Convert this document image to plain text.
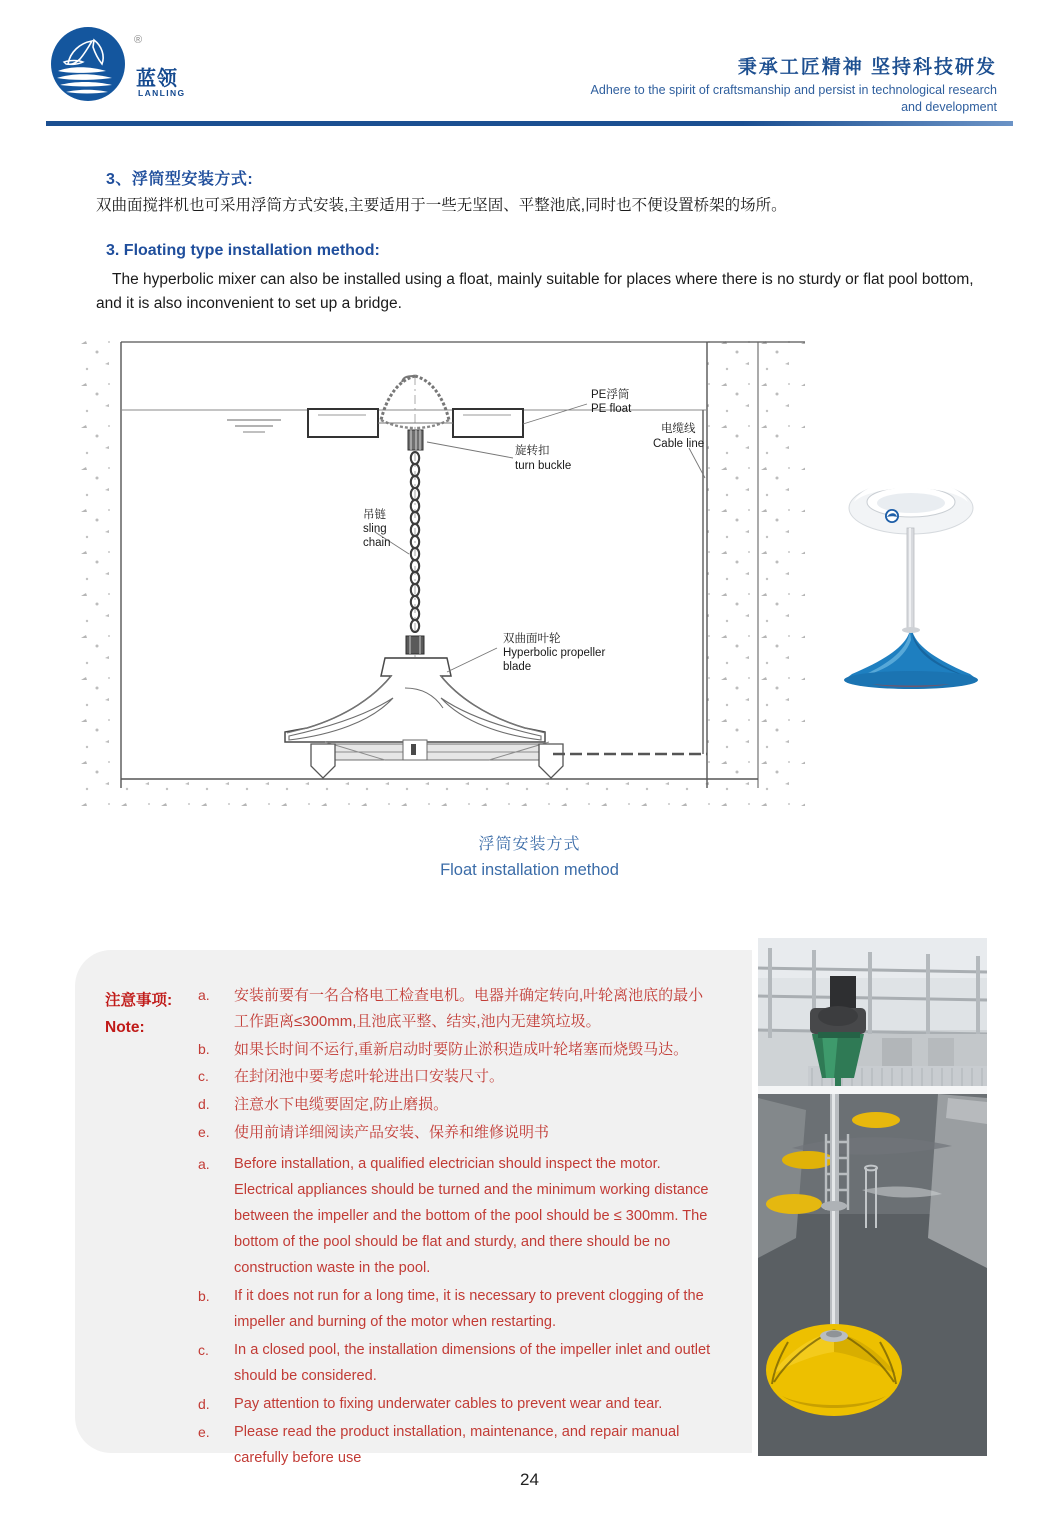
®
蓝领
LANLING
秉承工匠精神 坚持科技研发
Adhere to the spirit of craftsmanship and persist in technological research and development
3、浮筒型安装方式:
双曲面搅拌机也可采用浮筒方式安装,主要适用于一些无坚固、平整池底,同时也不便设置桥架的场所。
3. Floating type installation method:
The hyperbolic mixer can also be installed using a float, mainly suitable for places where there is no sturdy or flat pool bottom, and it is also inconvenient to set up a bridge.
PE浮筒
PE float
旋转扣
turn buckle
电缆线
Cable line
吊链
sling
chain
双曲面叶轮
Hyperbolic propeller
blade
浮筒安装方式
Float installation method
注意事项:
Note:
a.	安装前要有一名合格电工检查电机。电器并确定转向,叶轮离池底的最小工作距离≤300mm,且池底平整、结实,池内无建筑垃圾。
b.	如果长时间不运行,重新启动时要防止淤积造成叶轮堵塞而烧毁马达。
c.	在封闭池中要考虑叶轮进出口安装尺寸。
d.	注意水下电缆要固定,防止磨损。
e.	使用前请详细阅读产品安装、保养和维修说明书
a.	Before installation, a qualified electrician should inspect the motor. Electrical appliances should be turned and the minimum working distance between the impeller and the bottom of the pool should be ≤ 300mm. The bottom of the pool should be flat and sturdy, and there should be no construction waste in the pool.
b.	If it does not run for a long time, it is necessary to prevent clogging of the impeller and burning of the motor when restarting.
c.	In a closed pool, the installation dimensions of the impeller inlet and outlet should be considered.
d.	Pay attention to fixing underwater cables to prevent wear and tear.
e.	Please read the product installation, maintenance, and repair manual carefully before use
24
